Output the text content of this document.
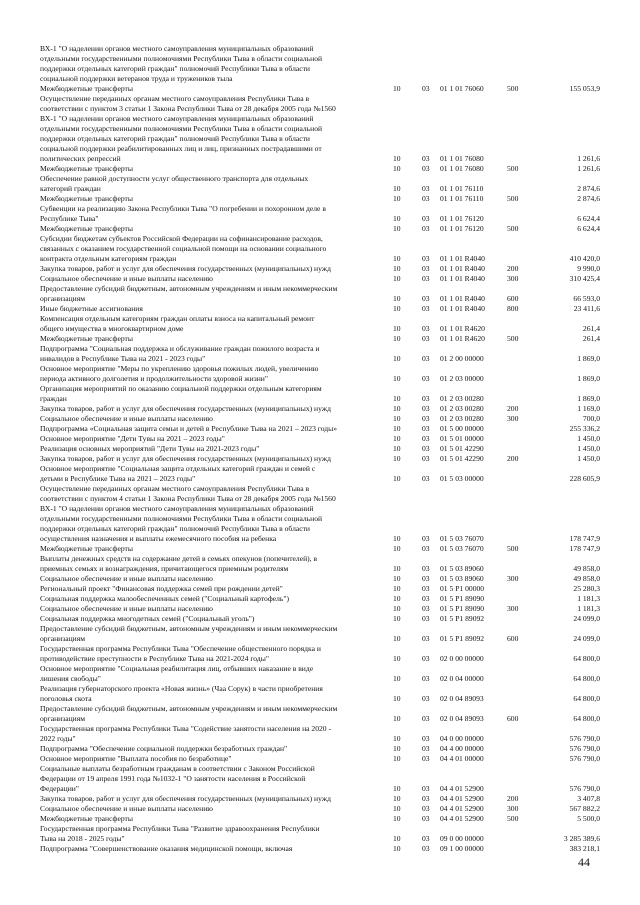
ВХ-1 "О наделении органов местного самоуправления муниципальных образований
отдельными государственными полномочиями Республики Тыва в области социальной
поддержки отдельных категорий граждан" полномочий Республики Тыва в области
социальной поддержки ветеранов труда и тружеников тыла
Межбюджетные трансферты	10	03	01 1 01 76060	500	155 053,9
Осуществление переданных органам местного самоуправления Республики Тыва в
соответствии с пунктом 3 статьи 1 Закона Республики Тыва от 28 декабря 2005 года №1560
ВХ-1 "О наделении органов местного самоуправления муниципальных образований
отдельными государственными полномочиями Республики Тыва в области социальной
поддержки отдельных категорий граждан" полномочий Республики Тыва в области
социальной поддержки реабилитированных лиц и лиц, признанных пострадавшими от
политических репрессий	10	03	01 1 01 76080	1 261,6
Межбюджетные трансферты	10	03	01 1 01 76080	500	1 261,6
Обеспечение равной доступности услуг общественного транспорта для отдельных
категорий граждан	10	03	01 1 01 76110	2 874,6
Межбюджетные трансферты	10	03	01 1 01 76110	500	2 874,6
Субвенции на реализацию Закона Республики Тыва "О погребении и похоронном деле в
Республике Тыва"	10	03	01 1 01 76120	6 624,4
Межбюджетные трансферты	10	03	01 1 01 76120	500	6 624,4
Субсидии бюджетам субъектов Российской Федерации на софинансирование расходов,
связанных с оказанием государственной социальной помощи на основании социального
контракта отдельным категориям граждан	10	03	01 1 01 R4040	410 420,0
Закупка товаров, работ и услуг для обеспечения государственных (муниципальных) нужд	10	03	01 1 01 R4040	200	9 990,0
Социальное обеспечение и иные выплаты населению	10	03	01 1 01 R4040	300	310 425,4
Предоставление субсидий бюджетным, автономным учреждениям и иным некоммерческим
организациям	10	03	01 1 01 R4040	600	66 593,0
Иные бюджетные ассигнования	10	03	01 1 01 R4040	800	23 411,6
Компенсация отдельным категориям граждан оплаты взноса на капитальный ремонт
общего имущества в многоквартирном доме	10	03	01 1 01 R4620	261,4
Межбюджетные трансферты	10	03	01 1 01 R4620	500	261,4
Подпрограмма "Социальная поддержка и обслуживание граждан пожилого возраста и
инвалидов в Республике Тыва на 2021 - 2023 годы"	10	03	01 2 00 00000	1 869,0
Основное мероприятие "Меры по укреплению здоровья пожилых людей, увеличению
периода активного долголетия и продолжительности здоровой жизни"	10	03	01 2 03 00000	1 869,0
Организация мероприятий по оказанию социальной поддержки отдельным категориям
граждан	10	03	01 2 03 00280	1 869,0
Закупка товаров, работ и услуг для обеспечения государственных (муниципальных) нужд	10	03	01 2 03 00280	200	1 169,0
Социальное обеспечение и иные выплаты населению	10	03	01 2 03 00280	300	700,0
Подпрограмма «Социальная защита семьи и детей в Республике Тыва на 2021 – 2023 годы»	10	03	01 5 00 00000	255 336,2
Основное мероприятие "Дети Тувы на 2021 – 2023 годы"	10	03	01 5 01 00000	1 450,0
Реализация основных мероприятий "Дети Тувы на 2021-2023 годы"	10	03	01 5 01 42290	1 450,0
Закупка товаров, работ и услуг для обеспечения государственных (муниципальных) нужд	10	03	01 5 01 42290	200	1 450,0
Основное мероприятие "Социальная защита отдельных категорий граждан и семей с
детьми в Республике Тыва на 2021 – 2023 годы"	10	03	01 5 03 00000	228 605,9
Осуществление переданных органам местного самоуправления Республики Тыва в
соответствии с пунктом 4 статьи 1 Закона Республики Тыва от 28 декабря 2005 года №1560
ВХ-1 "О наделении органов местного самоуправления муниципальных образований
отдельными государственными полномочиями Республики Тыва в области социальной
поддержки отдельных категорий граждан" полномочий Республики Тыва в области
осуществления назначения и выплаты ежемесячного пособия на ребенка	10	03	01 5 03 76070	178 747,9
Межбюджетные трансферты	10	03	01 5 03 76070	500	178 747,9
Выплаты денежных средств на содержание детей в семьях опекунов (попечителей), в
приемных семьях и вознаграждения, причитающегося приемным родителям	10	03	01 5 03 89060	49 858,0
Социальное обеспечение и иные выплаты населению	10	03	01 5 03 89060	300	49 858,0
Региональный проект "Финансовая поддержка семей при рождении детей"	10	03	01 5 P1 00000	25 280,3
Социальная поддержка малообеспеченных семей ("Социальный картофель")	10	03	01 5 P1 89090	1 181,3
Социальное обеспечение и иные выплаты населению	10	03	01 5 P1 89090	300	1 181,3
Социальная поддержка многодетных семей ("Социальный уголь")	10	03	01 5 P1 89092	24 099,0
Предоставление субсидий бюджетным, автономным учреждениям и иным некоммерческим
организациям	10	03	01 5 P1 89092	600	24 099,0
Государственная программа Республики Тыва "Обеспечение общественного порядка и
противодействие преступности в Республике Тыва на 2021-2024 годы"	10	03	02 0 00 00000	64 800,0
Основное мероприятие "Социальная реабилитация лиц, отбывших наказание в виде
лишения свободы"	10	03	02 0 04 00000	64 800,0
Реализация губернаторского проекта «Новая жизнь» (Чаа Сорук) в части приобретения
поголовья скота	10	03	02 0 04 89093	64 800,0
Предоставление субсидий бюджетным, автономным учреждениям и иным некоммерческим
организациям	10	03	02 0 04 89093	600	64 800,0
Государственная программа Республики Тыва "Содействие занятости населения на 2020 -
2022 годы"	10	03	04 0 00 00000	576 790,0
Подпрограмма "Обеспечение социальной поддержки безработных граждан"	10	03	04 4 00 00000	576 790,0
Основное мероприятие "Выплата пособия по безработице"	10	03	04 4 01 00000	576 790,0
Социальные выплаты безработным гражданам в соответствии с Законом Российской
Федерации от 19 апреля 1991 года №1032-1 "О занятости населения в Российской
Федерации"	10	03	04 4 01 52900	576 790,0
Закупка товаров, работ и услуг для обеспечения государственных (муниципальных) нужд	10	03	04 4 01 52900	200	3 407,8
Социальное обеспечение и иные выплаты населению	10	03	04 4 01 52900	300	567 882,2
Межбюджетные трансферты	10	03	04 4 01 52900	500	5 500,0
Государственная программа Республики Тыва "Развитие здравоохранения Республики
Тыва на 2018 - 2025 годы"	10	03	09 0 00 00000	3 285 389,6
Подпрограмма "Совершенствование оказания медицинской помощи, включая	10	03	09 1 00 00000	383 218,1
44
